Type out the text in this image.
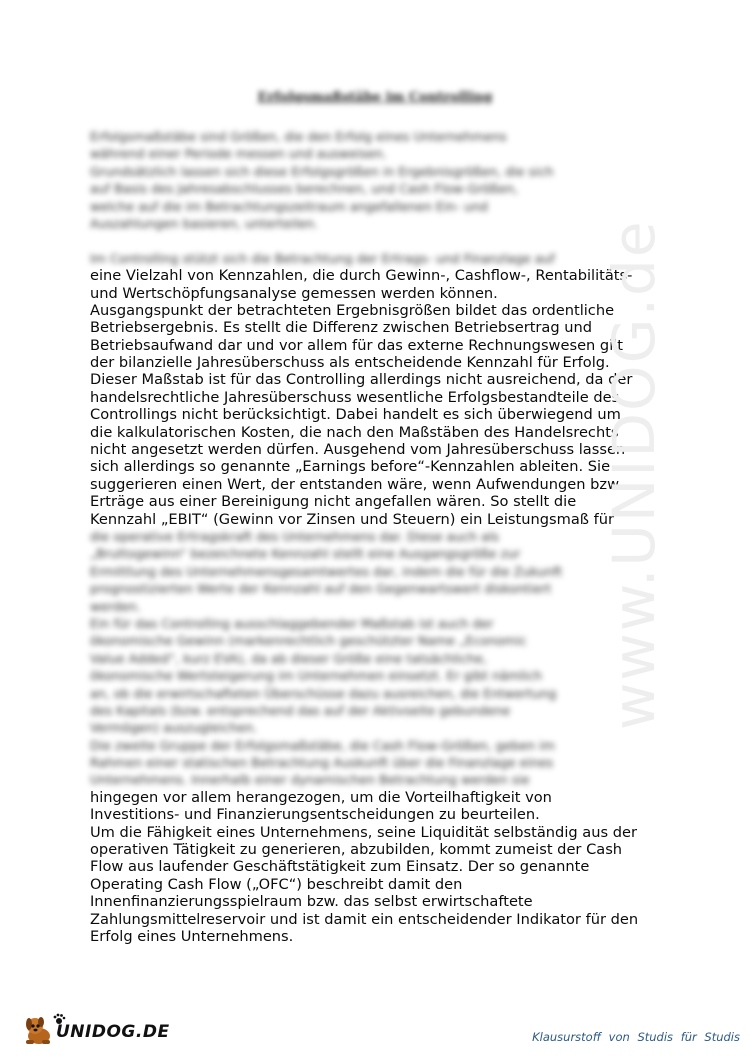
Erfolgsmaßstäbe im Controlling
Erfolgsmaßstäbe sind Größen, die den Erfolg eines Unternehmens
während einer Periode messen und ausweisen.
Grundsätzlich lassen sich diese Erfolgsgrößen in Ergebnisgrößen, die sich
auf Basis des Jahresabschlusses berechnen, und Cash Flow-Größen,
welche auf die im Betrachtungszeitraum angefallenen Ein- und
Auszahlungen basieren, unterteilen.
Im Controlling stützt sich die Betrachtung der Ertrags- und Finanzlage auf
eine Vielzahl von Kennzahlen, die durch Gewinn-, Cashflow-, Rentabilitäts-
und Wertschöpfungsanalyse gemessen werden können.
Ausgangspunkt der betrachteten Ergebnisgrößen bildet das ordentliche
Betriebsergebnis. Es stellt die Differenz zwischen Betriebsertrag und
Betriebsaufwand dar und vor allem für das externe Rechnungswesen gilt
der bilanzielle Jahresüberschuss als entscheidende Kennzahl für Erfolg.
Dieser Maßstab ist für das Controlling allerdings nicht ausreichend, da der
handelsrechtliche Jahresüberschuss wesentliche Erfolgsbestandteile des
Controllings nicht berücksichtigt. Dabei handelt es sich überwiegend um
die kalkulatorischen Kosten, die nach den Maßstäben des Handelsrechts
nicht angesetzt werden dürfen. Ausgehend vom Jahresüberschuss lassen
sich allerdings so genannte „Earnings before“-Kennzahlen ableiten. Sie
suggerieren einen Wert, der entstanden wäre, wenn Aufwendungen bzw.
Erträge aus einer Bereinigung nicht angefallen wären. So stellt die
Kennzahl „EBIT“ (Gewinn vor Zinsen und Steuern) ein Leistungsmaß für
die operative Ertragskraft des Unternehmens dar. Diese auch als
„Bruttogewinn“ bezeichnete Kennzahl stellt eine Ausgangsgröße zur
Ermittlung des Unternehmensgesamtwertes dar, indem die für die Zukunft
prognostizierten Werte der Kennzahl auf den Gegenwartswert diskontiert
werden.
Ein für das Controlling ausschlaggebender Maßstab ist auch der
ökonomische Gewinn (markenrechtlich geschützter Name „Economic
Value Added“, kurz EVA), da ab dieser Größe eine tatsächliche,
ökonomische Wertsteigerung im Unternehmen einsetzt. Er gibt nämlich
an, ob die erwirtschafteten Überschüsse dazu ausreichen, die Entwertung
des Kapitals (bzw. entsprechend das auf der Aktivseite gebundene
Vermögen) auszugleichen.
Die zweite Gruppe der Erfolgsmaßstäbe, die Cash Flow-Größen, geben im
Rahmen einer statischen Betrachtung Auskunft über die Finanzlage eines
Unternehmens. Innerhalb einer dynamischen Betrachtung werden sie
hingegen vor allem herangezogen, um die Vorteilhaftigkeit von
Investitions- und Finanzierungsentscheidungen zu beurteilen.
Um die Fähigkeit eines Unternehmens, seine Liquidität selbständig aus der
operativen Tätigkeit zu generieren, abzubilden, kommt zumeist der Cash
Flow aus laufender Geschäftstätigkeit zum Einsatz. Der so genannte
Operating Cash Flow („OFC“) beschreibt damit den
Innenfinanzierungsspielraum bzw. das selbst erwirtschaftete
Zahlungsmittelreservoir und ist damit ein entscheidender Indikator für den
Erfolg eines Unternehmens.
www.UNIDOG.de
UNIDOG.DE	Klausurstoff von Studis für Studis
